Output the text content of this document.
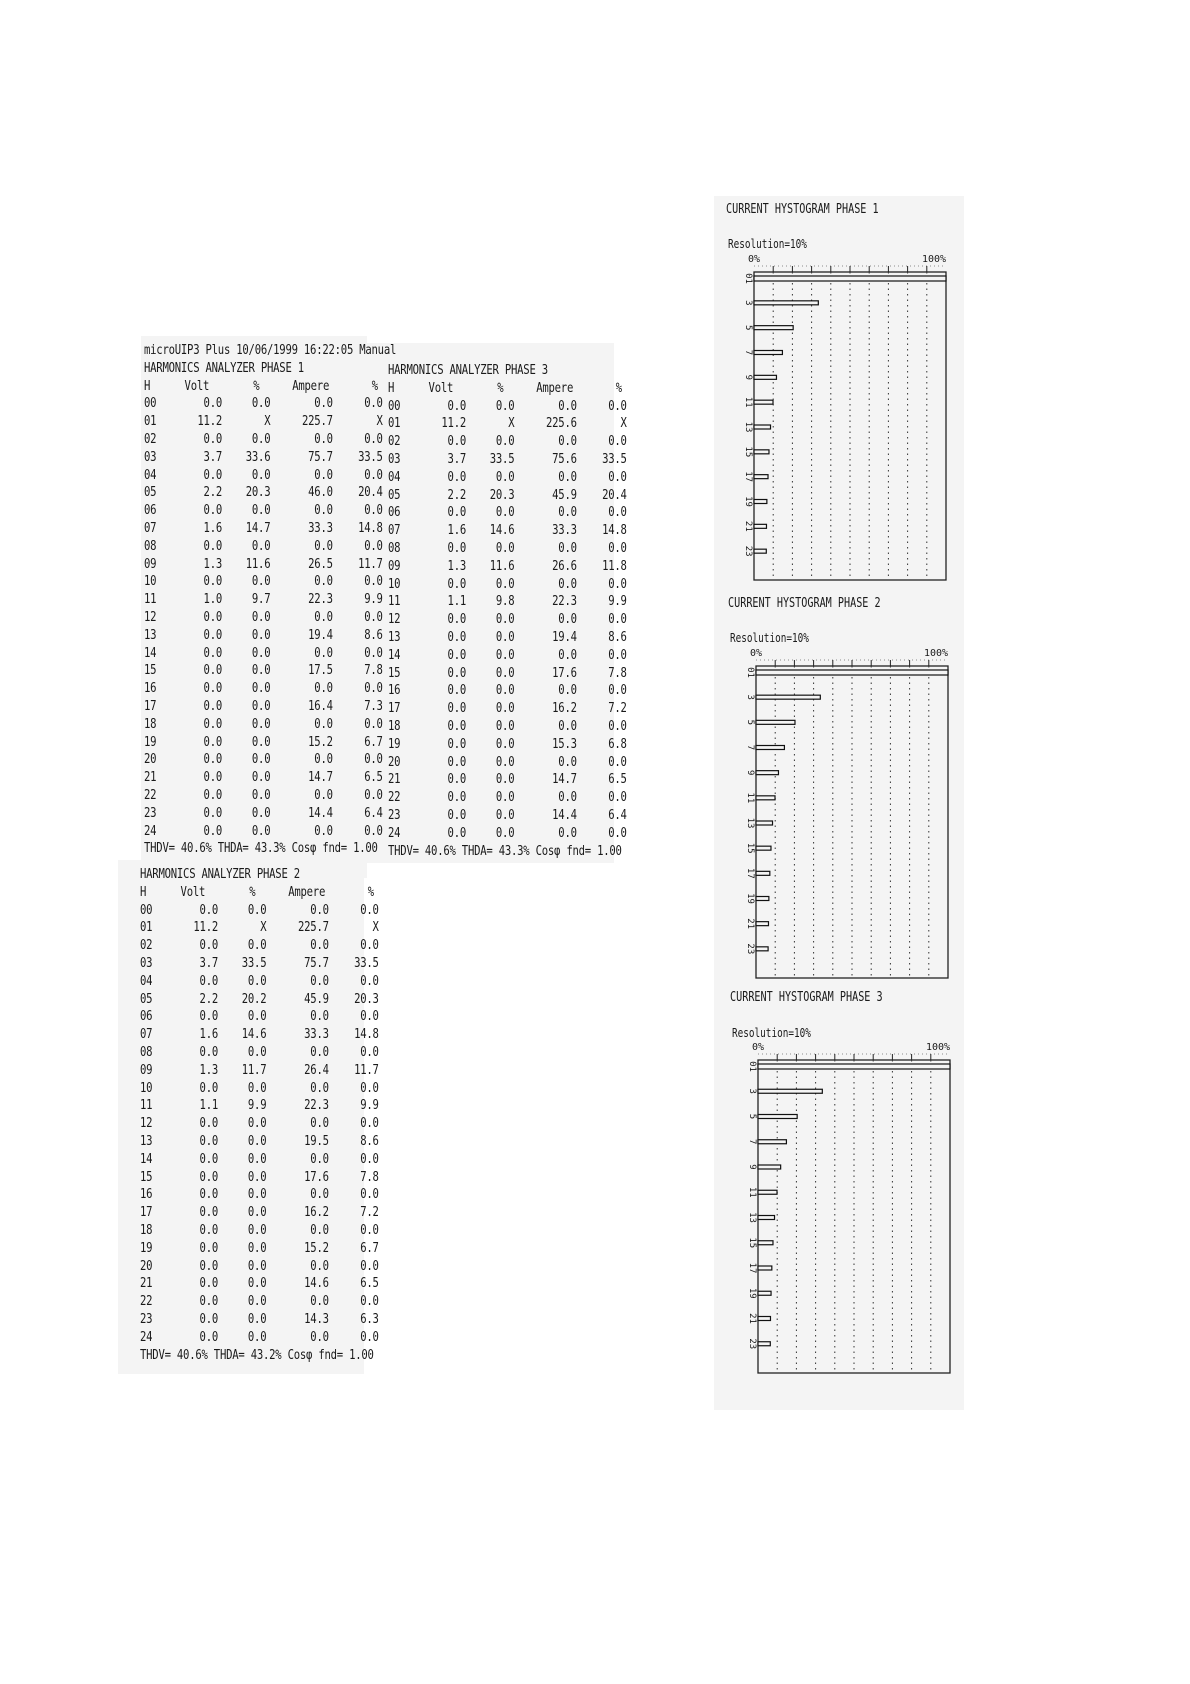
microUIP3 Plus 10/06/1999 16:22:05 Manual
HARMONICS ANALYZER PHASE 1
H	Volt	%	Ampere	%
00	0.0	0.0	0.0	0.0
01	11.2	X	225.7	X
02	0.0	0.0	0.0	0.0
03	3.7	33.6	75.7	33.5
04	0.0	0.0	0.0	0.0
05	2.2	20.3	46.0	20.4
06	0.0	0.0	0.0	0.0
07	1.6	14.7	33.3	14.8
08	0.0	0.0	0.0	0.0
09	1.3	11.6	26.5	11.7
10	0.0	0.0	0.0	0.0
11	1.0	9.7	22.3	9.9
12	0.0	0.0	0.0	0.0
13	0.0	0.0	19.4	8.6
14	0.0	0.0	0.0	0.0
15	0.0	0.0	17.5	7.8
16	0.0	0.0	0.0	0.0
17	0.0	0.0	16.4	7.3
18	0.0	0.0	0.0	0.0
19	0.0	0.0	15.2	6.7
20	0.0	0.0	0.0	0.0
21	0.0	0.0	14.7	6.5
22	0.0	0.0	0.0	0.0
23	0.0	0.0	14.4	6.4
24	0.0	0.0	0.0	0.0
THDV= 40.6% THDA= 43.3% Cosφ fnd= 1.00
HARMONICS ANALYZER PHASE 3
H	Volt	%	Ampere	%
00	0.0	0.0	0.0	0.0
01	11.2	X	225.6	X
02	0.0	0.0	0.0	0.0
03	3.7	33.5	75.6	33.5
04	0.0	0.0	0.0	0.0
05	2.2	20.3	45.9	20.4
06	0.0	0.0	0.0	0.0
07	1.6	14.6	33.3	14.8
08	0.0	0.0	0.0	0.0
09	1.3	11.6	26.6	11.8
10	0.0	0.0	0.0	0.0
11	1.1	9.8	22.3	9.9
12	0.0	0.0	0.0	0.0
13	0.0	0.0	19.4	8.6
14	0.0	0.0	0.0	0.0
15	0.0	0.0	17.6	7.8
16	0.0	0.0	0.0	0.0
17	0.0	0.0	16.2	7.2
18	0.0	0.0	0.0	0.0
19	0.0	0.0	15.3	6.8
20	0.0	0.0	0.0	0.0
21	0.0	0.0	14.7	6.5
22	0.0	0.0	0.0	0.0
23	0.0	0.0	14.4	6.4
24	0.0	0.0	0.0	0.0
THDV= 40.6% THDA= 43.3% Cosφ fnd= 1.00
HARMONICS ANALYZER PHASE 2
H	Volt	%	Ampere	%
00	0.0	0.0	0.0	0.0
01	11.2	X	225.7	X
02	0.0	0.0	0.0	0.0
03	3.7	33.5	75.7	33.5
04	0.0	0.0	0.0	0.0
05	2.2	20.2	45.9	20.3
06	0.0	0.0	0.0	0.0
07	1.6	14.6	33.3	14.8
08	0.0	0.0	0.0	0.0
09	1.3	11.7	26.4	11.7
10	0.0	0.0	0.0	0.0
11	1.1	9.9	22.3	9.9
12	0.0	0.0	0.0	0.0
13	0.0	0.0	19.5	8.6
14	0.0	0.0	0.0	0.0
15	0.0	0.0	17.6	7.8
16	0.0	0.0	0.0	0.0
17	0.0	0.0	16.2	7.2
18	0.0	0.0	0.0	0.0
19	0.0	0.0	15.2	6.7
20	0.0	0.0	0.0	0.0
21	0.0	0.0	14.6	6.5
22	0.0	0.0	0.0	0.0
23	0.0	0.0	14.3	6.3
24	0.0	0.0	0.0	0.0
THDV= 40.6% THDA= 43.2% Cosφ fnd= 1.00
CURRENT HYSTOGRAM PHASE 1
Resolution=10%
0%	100%
01
3
5
7
9
11
13
15
17
19
21
23
CURRENT HYSTOGRAM PHASE 2
Resolution=10%
0%	100%
01
3
5
7
9
11
13
15
17
19
21
23
CURRENT HYSTOGRAM PHASE 3
Resolution=10%
0%	100%
01
3
5
7
9
11
13
15
17
19
21
23
